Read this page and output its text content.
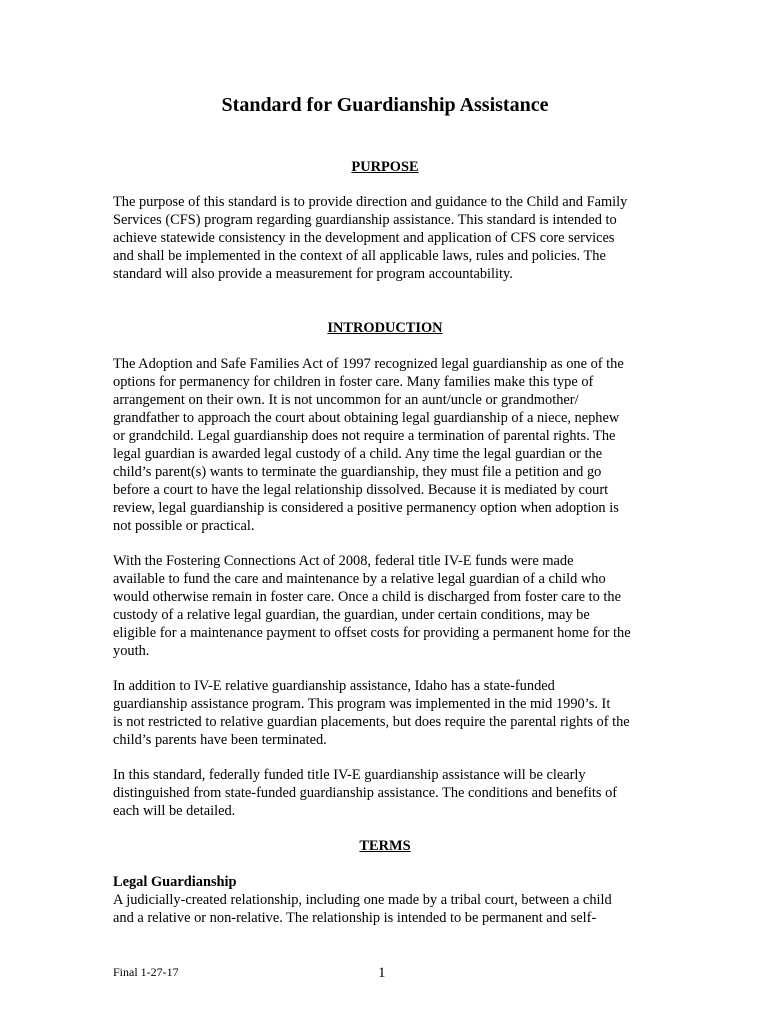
Standard for Guardianship Assistance
PURPOSE
The purpose of this standard is to provide direction and guidance to the Child and Family
Services (CFS) program regarding guardianship assistance. This standard is intended to
achieve statewide consistency in the development and application of CFS core services
and shall be implemented in the context of all applicable laws, rules and policies. The
standard will also provide a measurement for program accountability.
INTRODUCTION
The Adoption and Safe Families Act of 1997 recognized legal guardianship as one of the
options for permanency for children in foster care. Many families make this type of
arrangement on their own. It is not uncommon for an aunt/uncle or grandmother/
grandfather to approach the court about obtaining legal guardianship of a niece, nephew
or grandchild. Legal guardianship does not require a termination of parental rights. The
legal guardian is awarded legal custody of a child. Any time the legal guardian or the
child’s parent(s) wants to terminate the guardianship, they must file a petition and go
before a court to have the legal relationship dissolved. Because it is mediated by court
review, legal guardianship is considered a positive permanency option when adoption is
not possible or practical.
With the Fostering Connections Act of 2008, federal title IV-E funds were made
available to fund the care and maintenance by a relative legal guardian of a child who
would otherwise remain in foster care. Once a child is discharged from foster care to the
custody of a relative legal guardian, the guardian, under certain conditions, may be
eligible for a maintenance payment to offset costs for providing a permanent home for the
youth.
In addition to IV-E relative guardianship assistance, Idaho has a state-funded
guardianship assistance program. This program was implemented in the mid 1990’s. It
is not restricted to relative guardian placements, but does require the parental rights of the
child’s parents have been terminated.
In this standard, federally funded title IV-E guardianship assistance will be clearly
distinguished from state-funded guardianship assistance. The conditions and benefits of
each will be detailed.
TERMS
Legal Guardianship
A judicially-created relationship, including one made by a tribal court, between a child
and a relative or non-relative. The relationship is intended to be permanent and self-
Final 1-27-17	1
